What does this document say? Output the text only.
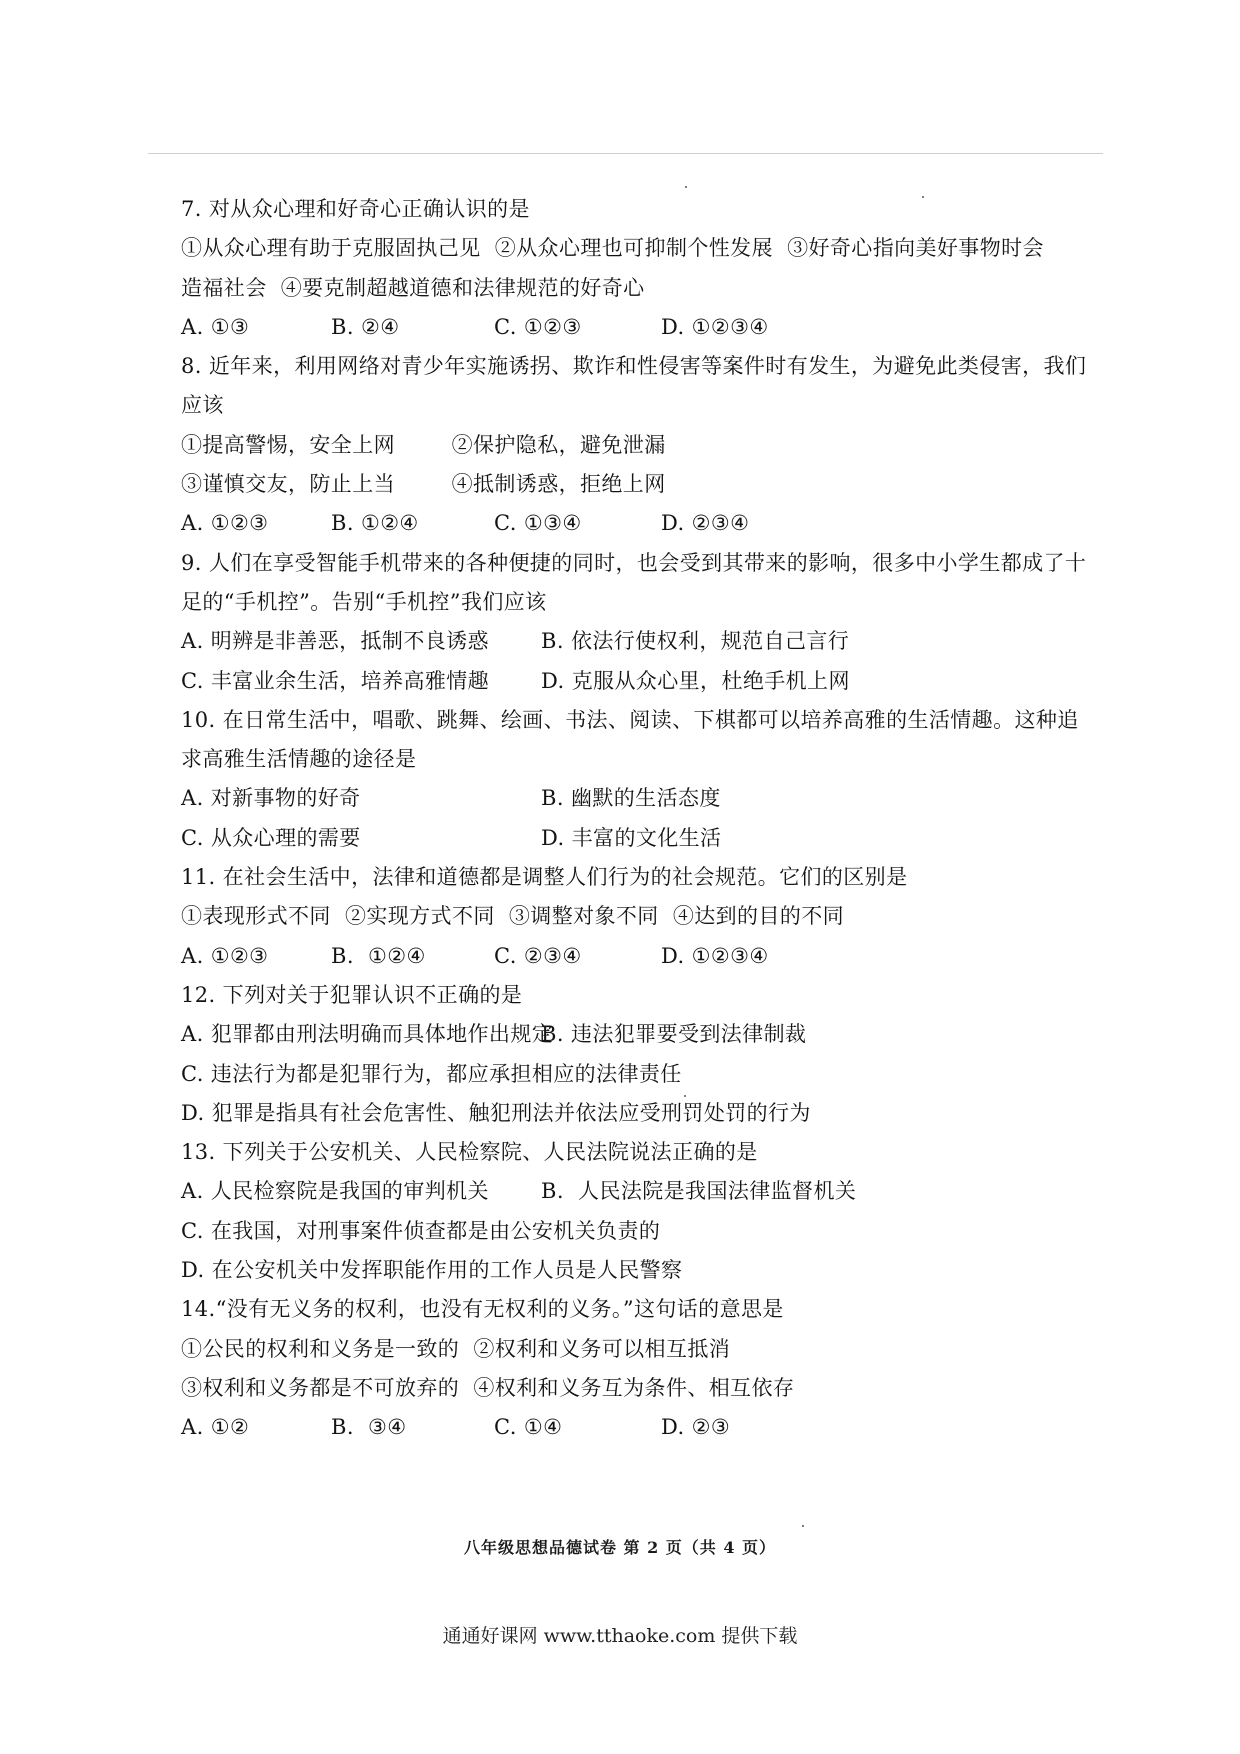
7. 对从众心理和好奇心正确认识的是
①从众心理有助于克服固执己见  ②从众心理也可抑制个性发展  ③好奇心指向美好事物时会
造福社会  ④要克制超越道德和法律规范的好奇心
A. ①③	B. ②④	C. ①②③	D. ①②③④
8. 近年来，利用网络对青少年实施诱拐、欺诈和性侵害等案件时有发生，为避免此类侵害，我们
应该
①提高警惕，安全上网        ②保护隐私，避免泄漏
③谨慎交友，防止上当        ④抵制诱惑，拒绝上网
A. ①②③	B. ①②④	C. ①③④	D. ②③④
9. 人们在享受智能手机带来的各种便捷的同时，也会受到其带来的影响，很多中小学生都成了十
足的“手机控”。告别“手机控”我们应该
A. 明辨是非善恶，抵制不良诱惑 B. 依法行使权利，规范自己言行
C. 丰富业余生活，培养高雅情趣 D. 克服从众心里，杜绝手机上网
10. 在日常生活中，唱歌、跳舞、绘画、书法、阅读、下棋都可以培养高雅的生活情趣。这种追
求高雅生活情趣的途径是
A. 对新事物的好奇	B. 幽默的生活态度
C. 从众心理的需要	D. 丰富的文化生活
11. 在社会生活中，法律和道德都是调整人们行为的社会规范。它们的区别是
①表现形式不同  ②实现方式不同  ③调整对象不同  ④达到的目的不同
A. ①②③	B.  ①②④	C. ②③④	D. ①②③④
12. 下列对关于犯罪认识不正确的是
A. 犯罪都由刑法明确而具体地作出规定
B. 违法犯罪要受到法律制裁
C. 违法行为都是犯罪行为，都应承担相应的法律责任
D. 犯罪是指具有社会危害性、触犯刑法并依法应受刑罚处罚的行为
13. 下列关于公安机关、人民检察院、人民法院说法正确的是
A. 人民检察院是我国的审判机关 B.  人民法院是我国法律监督机关
C. 在我国，对刑事案件侦查都是由公安机关负责的
D. 在公安机关中发挥职能作用的工作人员是人民警察
14.“没有无义务的权利，也没有无权利的义务。”这句话的意思是
①公民的权利和义务是一致的  ②权利和义务可以相互抵消
③权利和义务都是不可放弃的  ④权利和义务互为条件、相互依存
A. ①②	B.  ③④	C. ①④	D. ②③
八年级思想品德试卷 第 2 页（共 4 页）
通通好课网 www.tthaoke.com 提供下载
